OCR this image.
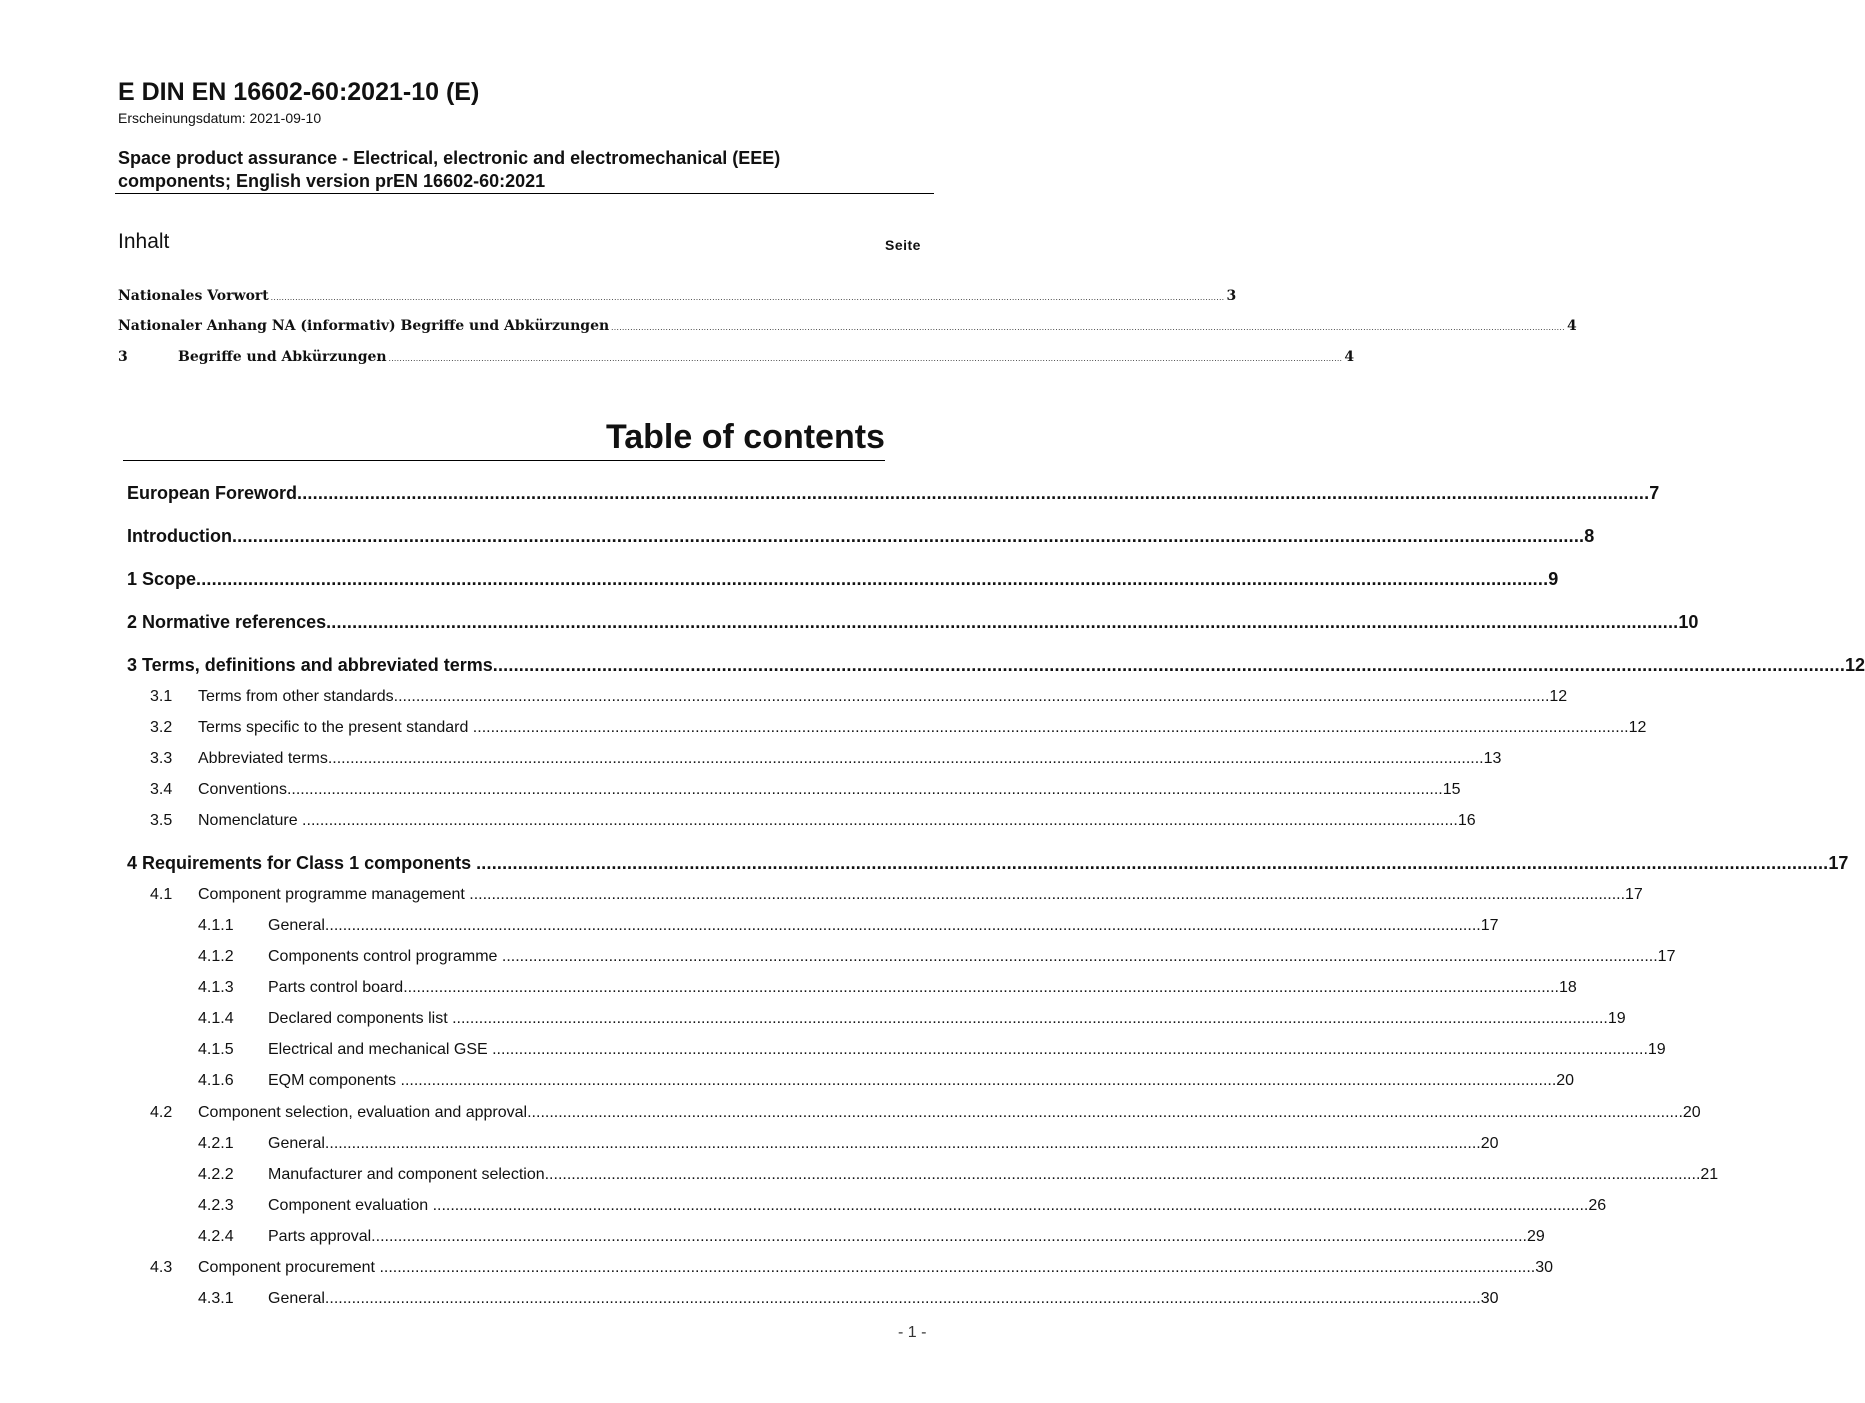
E DIN EN 16602-60:2021-10 (E)
Erscheinungsdatum: 2021-09-10
Space product assurance - Electrical, electronic and electromechanical (EEE)
components; English version prEN 16602-60:2021
Inhalt	Seite
Nationales Vorwort .............................................................................................................................................................................................................................................................................................................................................................. 3
Nationaler Anhang NA (informativ) Begriffe und Abkürzungen .............................................................................................................................................................................................................................................................................................................................................................. 4
3	Begriffe und Abkürzungen .............................................................................................................................................................................................................................................................................................................................................................. 4
Table of contents
European Foreword .................................................................................................................................................................................................................................................................... 7
Introduction .................................................................................................................................................................................................................................................................... 8
1 Scope .................................................................................................................................................................................................................................................................... 9
2 Normative references .................................................................................................................................................................................................................................................................... 10
3 Terms, definitions and abbreviated terms .................................................................................................................................................................................................................................................................... 12
3.1	Terms from other standards .................................................................................................................................................................................................................................................................... 12
3.2	Terms specific to the present standard .................................................................................................................................................................................................................................................................... 12
3.3	Abbreviated terms .................................................................................................................................................................................................................................................................... 13
3.4	Conventions .................................................................................................................................................................................................................................................................... 15
3.5	Nomenclature .................................................................................................................................................................................................................................................................... 16
4 Requirements for Class 1 components .................................................................................................................................................................................................................................................................... 17
4.1	Component programme management .................................................................................................................................................................................................................................................................... 17
4.1.1	General .................................................................................................................................................................................................................................................................... 17
4.1.2	Components control programme .................................................................................................................................................................................................................................................................... 17
4.1.3	Parts control board .................................................................................................................................................................................................................................................................... 18
4.1.4	Declared components list .................................................................................................................................................................................................................................................................... 19
4.1.5	Electrical and mechanical GSE .................................................................................................................................................................................................................................................................... 19
4.1.6	EQM components .................................................................................................................................................................................................................................................................... 20
4.2	Component selection, evaluation and approval .................................................................................................................................................................................................................................................................... 20
4.2.1	General .................................................................................................................................................................................................................................................................... 20
4.2.2	Manufacturer and component selection .................................................................................................................................................................................................................................................................... 21
4.2.3	Component evaluation .................................................................................................................................................................................................................................................................... 26
4.2.4	Parts approval .................................................................................................................................................................................................................................................................... 29
4.3	Component procurement .................................................................................................................................................................................................................................................................... 30
4.3.1	General .................................................................................................................................................................................................................................................................... 30
- 1 -
